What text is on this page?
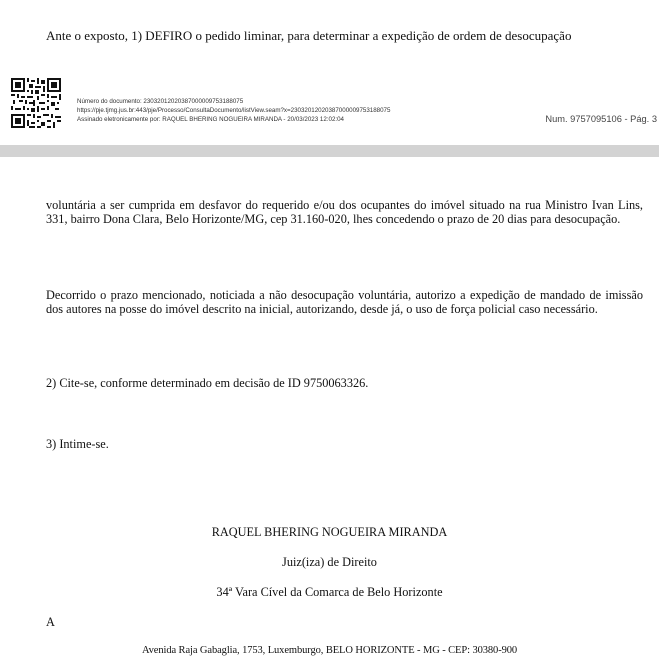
Ante o exposto, 1) DEFIRO o pedido liminar, para determinar a expedição de ordem de desocupação
Número do documento: 23032012020387000009753188075
https://pje.tjmg.jus.br:443/pje/Processo/ConsultaDocumento/listView.seam?x=23032012020387000009753188075
Assinado eletronicamente por: RAQUEL BHERING NOGUEIRA MIRANDA - 20/03/2023 12:02:04	Num. 9757095106 - Pág. 3
voluntária a ser cumprida em desfavor do requerido e/ou dos ocupantes do imóvel situado na rua Ministro Ivan Lins, 331, bairro Dona Clara, Belo Horizonte/MG, cep 31.160-020, lhes concedendo o prazo de 20 dias para desocupação.
Decorrido o prazo mencionado, noticiada a não desocupação voluntária, autorizo a expedição de mandado de imissão dos autores na posse do imóvel descrito na inicial, autorizando, desde já, o uso de força policial caso necessário.
2) Cite-se, conforme determinado em decisão de ID 9750063326.
3) Intime-se.
RAQUEL BHERING NOGUEIRA MIRANDA
Juiz(iza) de Direito
34ª Vara Cível da Comarca de Belo Horizonte
A
Avenida Raja Gabaglia, 1753, Luxemburgo, BELO HORIZONTE - MG - CEP: 30380-900
